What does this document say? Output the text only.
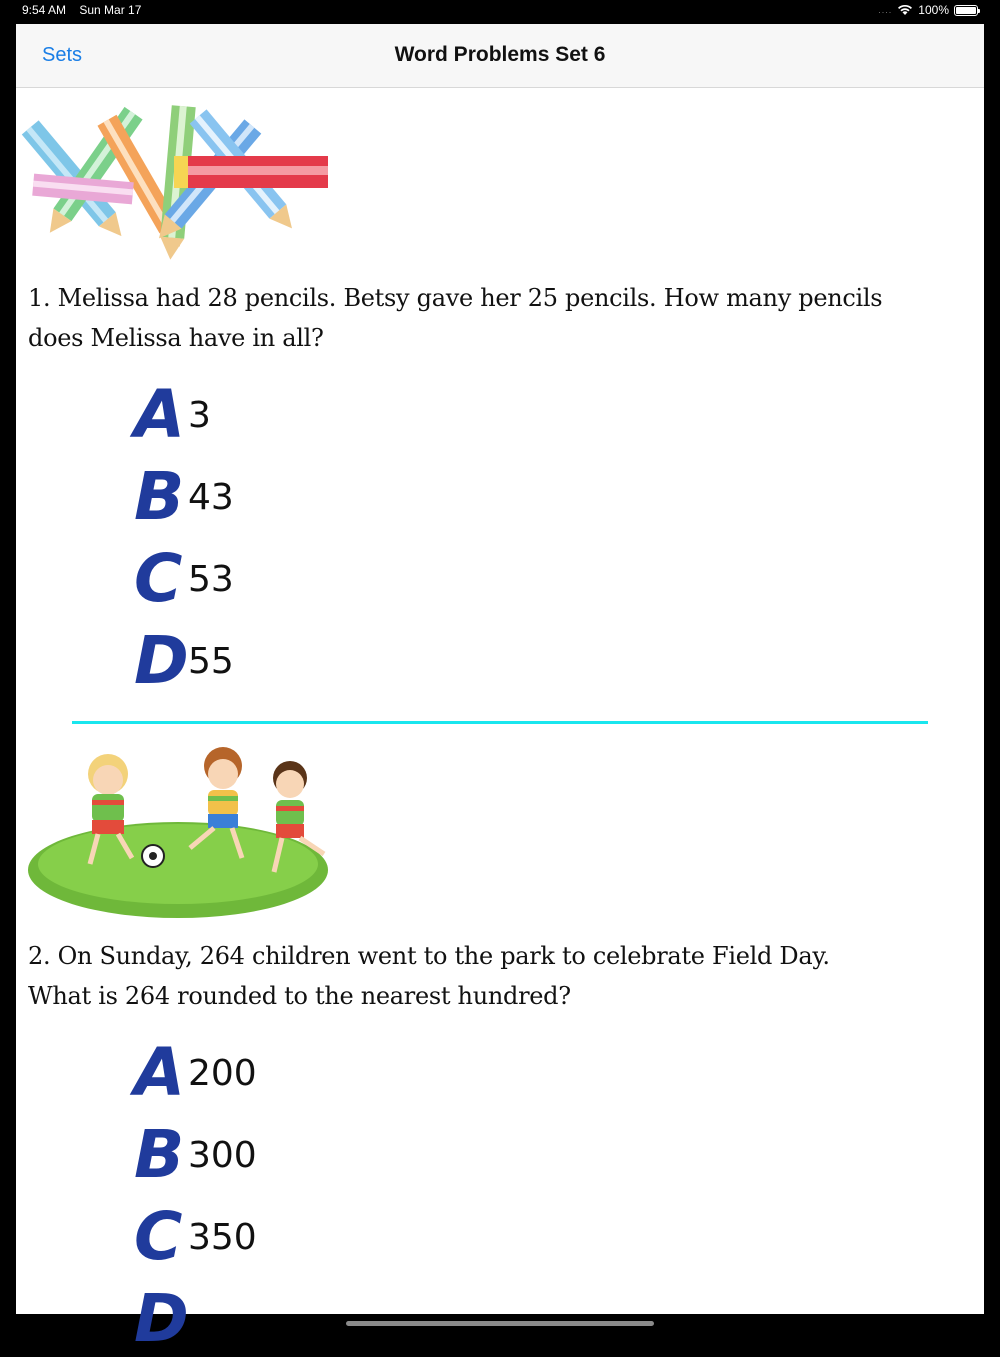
9:54 AM Sun Mar 17	.... 100%
Sets	Word Problems Set 6
1. Melissa had 28 pencils. Betsy gave her 25 pencils. How many pencils does Melissa have in all?
A 3
B 43
C 53
D 55
2. On Sunday, 264 children went to the park to celebrate Field Day. What is 264 rounded to the nearest hundred?
A 200
B 300
C 350
D
